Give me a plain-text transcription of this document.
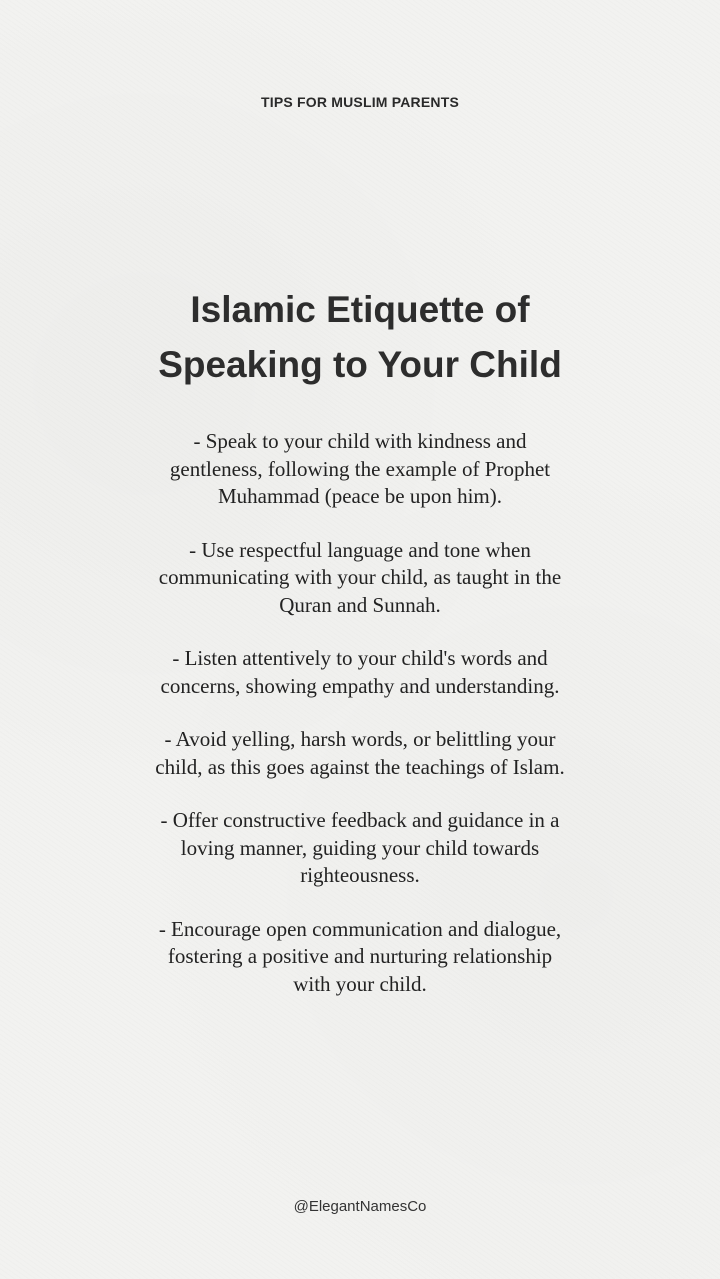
TIPS FOR MUSLIM PARENTS
Islamic Etiquette of
Speaking to Your Child
- Speak to your child with kindness and
gentleness, following the example of Prophet
Muhammad (peace be upon him).
- Use respectful language and tone when
communicating with your child, as taught in the
Quran and Sunnah.
- Listen attentively to your child's words and
concerns, showing empathy and understanding.
- Avoid yelling, harsh words, or belittling your
child, as this goes against the teachings of Islam.
- Offer constructive feedback and guidance in a
loving manner, guiding your child towards
righteousness.
- Encourage open communication and dialogue,
fostering a positive and nurturing relationship
with your child.
@ElegantNamesCo
